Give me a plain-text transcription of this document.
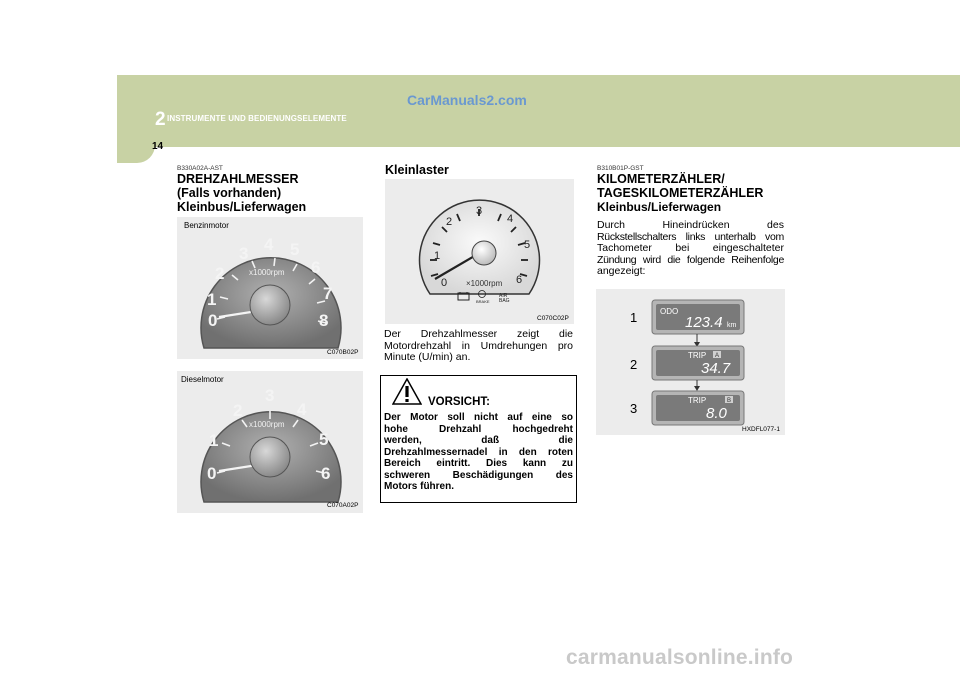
2 INSTRUMENTE UND BEDIENUNGSELEMENTE
14
CarManuals2.com
carmanualsonline.info
B330A02A-AST
DREHZAHLMESSER
(Falls vorhanden)
Kleinbus/Lieferwagen
0
1
2
3 4 5
6
7
8
x1000rpm
Benzinmotor
C070B02P
0
1
2
3
4
5
6
x1000rpm
Dieselmotor
C070A02P
Kleinlaster
0
1
2
3
4
5
6
×1000rpm
BRAKE
AIR
BAG
C070C02P
Der Drehzahlmesser zeigt die
Motordrehzahl in Umdrehungen pro
Minute (U/min) an.
VORSICHT:
Der Motor soll nicht auf eine so
hohe Drehzahl hochgedreht
werden, daß die
Drehzahlmessernadel in den roten
Bereich eintritt. Dies kann zu
schweren Beschädigungen des
Motors führen.
B310B01P-GST
KILOMETERZÄHLER/
TAGESKILOMETERZÄHLER
Kleinbus/Lieferwagen
Durch Hineindrücken des
Rückstellschalters links unterhalb vom
Tachometer bei eingeschalteter
Zündung wird die folgende Reihenfolge
angezeigt:
1
2
3
ODO
123.4 km
TRIP A
34.7
TRIP	B
8.0
HXDFL077-1
